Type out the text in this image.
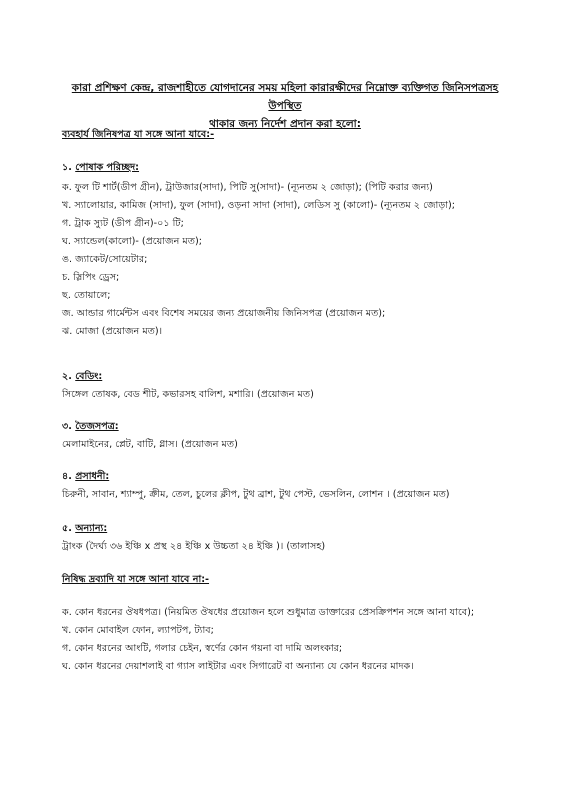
কারা প্রশিক্ষণ কেন্দ্র, রাজশাহীতে যোগদানের সময় মহিলা কারারক্ষীদের নিম্নোক্ত ব্যক্তিগত জিনিসপত্রসহ উপস্থিত
থাকার জন্য নির্দেশ প্রদান করা হলো:
ব্যবহার্য জিনিষপত্র যা সঙ্গে আনা যাবে:-
১. পোষাক পরিচ্ছদ:
ক. ফুল টি শার্ট(ডীপ গ্রীন), ট্রাউজার(সাদা), পিটি সু(সাদা)- (ন্যূনতম ২ জোড়া); (পিটি করার জন্য)
খ. স্যালোয়ার, কামিজ (সাদা), ফুল (সাদা), ওড়না সাদা (সাদা), লেডিস সু (কালো)- (ন্যূনতম ২ জোড়া);
গ. ট্রাক স্যুট (ডীপ গ্রীন)-০১ টি;
ঘ. স্যান্ডেল(কালো)- (প্রয়োজন মত);
ঙ. জ্যাকেট/সোয়েটার;
চ. স্লিপিং ড্রেস;
ছ. তোয়ালে;
জ. আন্ডার গার্মেন্টস এবং বিশেষ সময়ের জন্য প্রয়োজনীয় জিনিসপত্র (প্রয়োজন মত);
ঝ. মোজা (প্রয়োজন মত)।
২. বেডিং:
সিঙ্গেল তোষক, বেড শীট, কভারসহ বালিশ, মশারি। (প্রয়োজন মত)
৩. তৈজসপত্র:
মেলামাইনের, প্লেট, বাটি, গ্লাস। (প্রয়োজন মত)
৪. প্রসাধনী:
চিরুনী, সাবান, শ্যাম্পু, ক্রীম, তেল, চুলের ক্লীপ, টুথ ব্রাশ, টুথ পেস্ট, ভেসলিন, লোশন । (প্রয়োজন মত)
৫. অন্যান্য:
ট্রাংক (দৈর্ঘ্য ৩৬ ইঞ্চি x প্রস্থ ২৪ ইঞ্চি x উচ্চতা ২৪ ইঞ্চি )। (তালাসহ)
নিষিদ্ধ দ্রব্যাদি যা সঙ্গে আনা যাবে না:-
ক. কোন ধরনের ঔষধপত্র। (নিয়মিত ঔষধের প্রয়োজন হলে শুধুমাত্র ডাক্তারের প্রেসক্রিপশন সঙ্গে আনা যাবে);
খ. কোন মোবাইল ফোন, ল্যাপটপ, ট্যাব;
গ. কোন ধরনের আংটি, গলার চেইন, স্বর্ণের কোন গয়না বা দামি অলংকার;
ঘ. কোন ধরনের দেয়াশলাই বা গ্যাস লাইটার এবং সিগারেট বা অন্যান্য যে কোন ধরনের মাদক।
